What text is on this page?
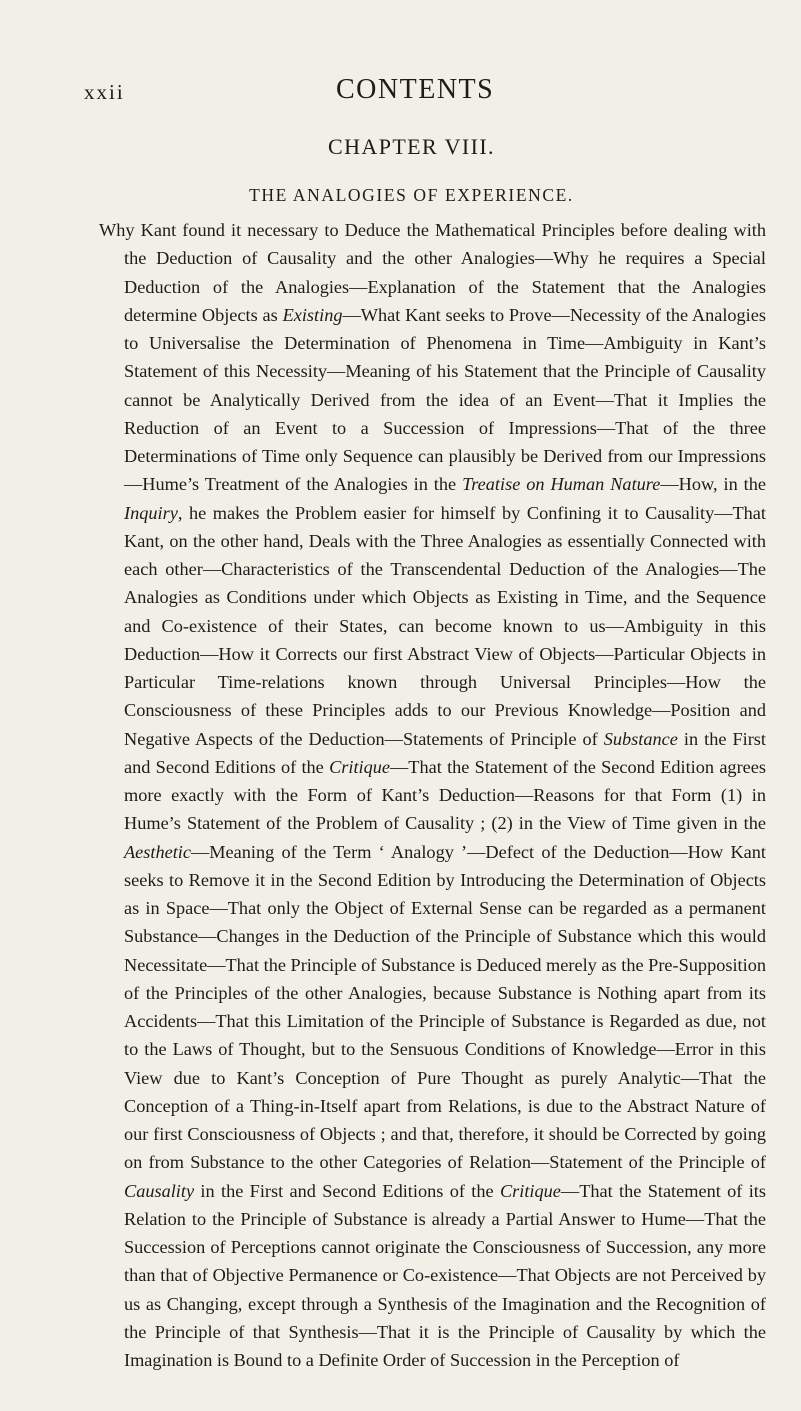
xxii	CONTENTS
CHAPTER VIII.
THE ANALOGIES OF EXPERIENCE.

Why Kant found it necessary to Deduce the Mathematical Principles before dealing with the Deduction of Causality and the other Analogies—Why he requires a Special Deduction of the Analogies—Explanation of the Statement that the Analogies determine Objects as Existing—What Kant seeks to Prove—Necessity of the Analogies to Universalise the Determination of Phenomena in Time—Ambiguity in Kant’s Statement of this Necessity—Meaning of his Statement that the Principle of Causality cannot be Analytically Derived from the idea of an Event—That it Implies the Reduction of an Event to a Succession of Impressions—That of the three Determinations of Time only Sequence can plausibly be Derived from our Impressions—Hume’s Treatment of the Analogies in the Treatise on Human Nature—How, in the Inquiry, he makes the Problem easier for himself by Confining it to Causality—That Kant, on the other hand, Deals with the Three Analogies as essentially Connected with each other—Characteristics of the Transcendental Deduction of the Analogies—The Analogies as Conditions under which Objects as Existing in Time, and the Sequence and Co-existence of their States, can become known to us—Ambiguity in this Deduction—How it Corrects our first Abstract View of Objects—Particular Objects in Particular Time-relations known through Universal Principles—How the Consciousness of these Principles adds to our Previous Knowledge—Position and Negative Aspects of the Deduction—Statements of Principle of Substance in the First and Second Editions of the Critique—That the Statement of the Second Edition agrees more exactly with the Form of Kant’s Deduction—Reasons for that Form (1) in Hume’s Statement of the Problem of Causality ; (2) in the View of Time given in the Aesthetic—Meaning of the Term ‘ Analogy ’—Defect of the Deduction—How Kant seeks to Remove it in the Second Edition by Introducing the Determination of Objects as in Space—That only the Object of External Sense can be regarded as a permanent Substance—Changes in the Deduction of the Principle of Substance which this would Necessitate—That the Principle of Substance is Deduced merely as the Pre-Supposition of the Principles of the other Analogies, because Substance is Nothing apart from its Accidents—That this Limitation of the Principle of Substance is Regarded as due, not to the Laws of Thought, but to the Sensuous Conditions of Knowledge—Error in this View due to Kant’s Conception of Pure Thought as purely Analytic—That the Conception of a Thing-in-Itself apart from Relations, is due to the Abstract Nature of our first Consciousness of Objects ; and that, therefore, it should be Corrected by going on from Substance to the other Categories of Relation—Statement of the Principle of Causality in the First and Second Editions of the Critique—That the Statement of its Relation to the Principle of Substance is already a Partial Answer to Hume—That the Succession of Perceptions cannot originate the Consciousness of Succession, any more than that of Objective Permanence or Co-existence—That Objects are not Perceived by us as Changing, except through a Synthesis of the Imagination and the Recognition of the Principle of that Synthesis—That it is the Principle of Causality by which the Imagination is Bound to a Definite Order of Succession in the Perception of
